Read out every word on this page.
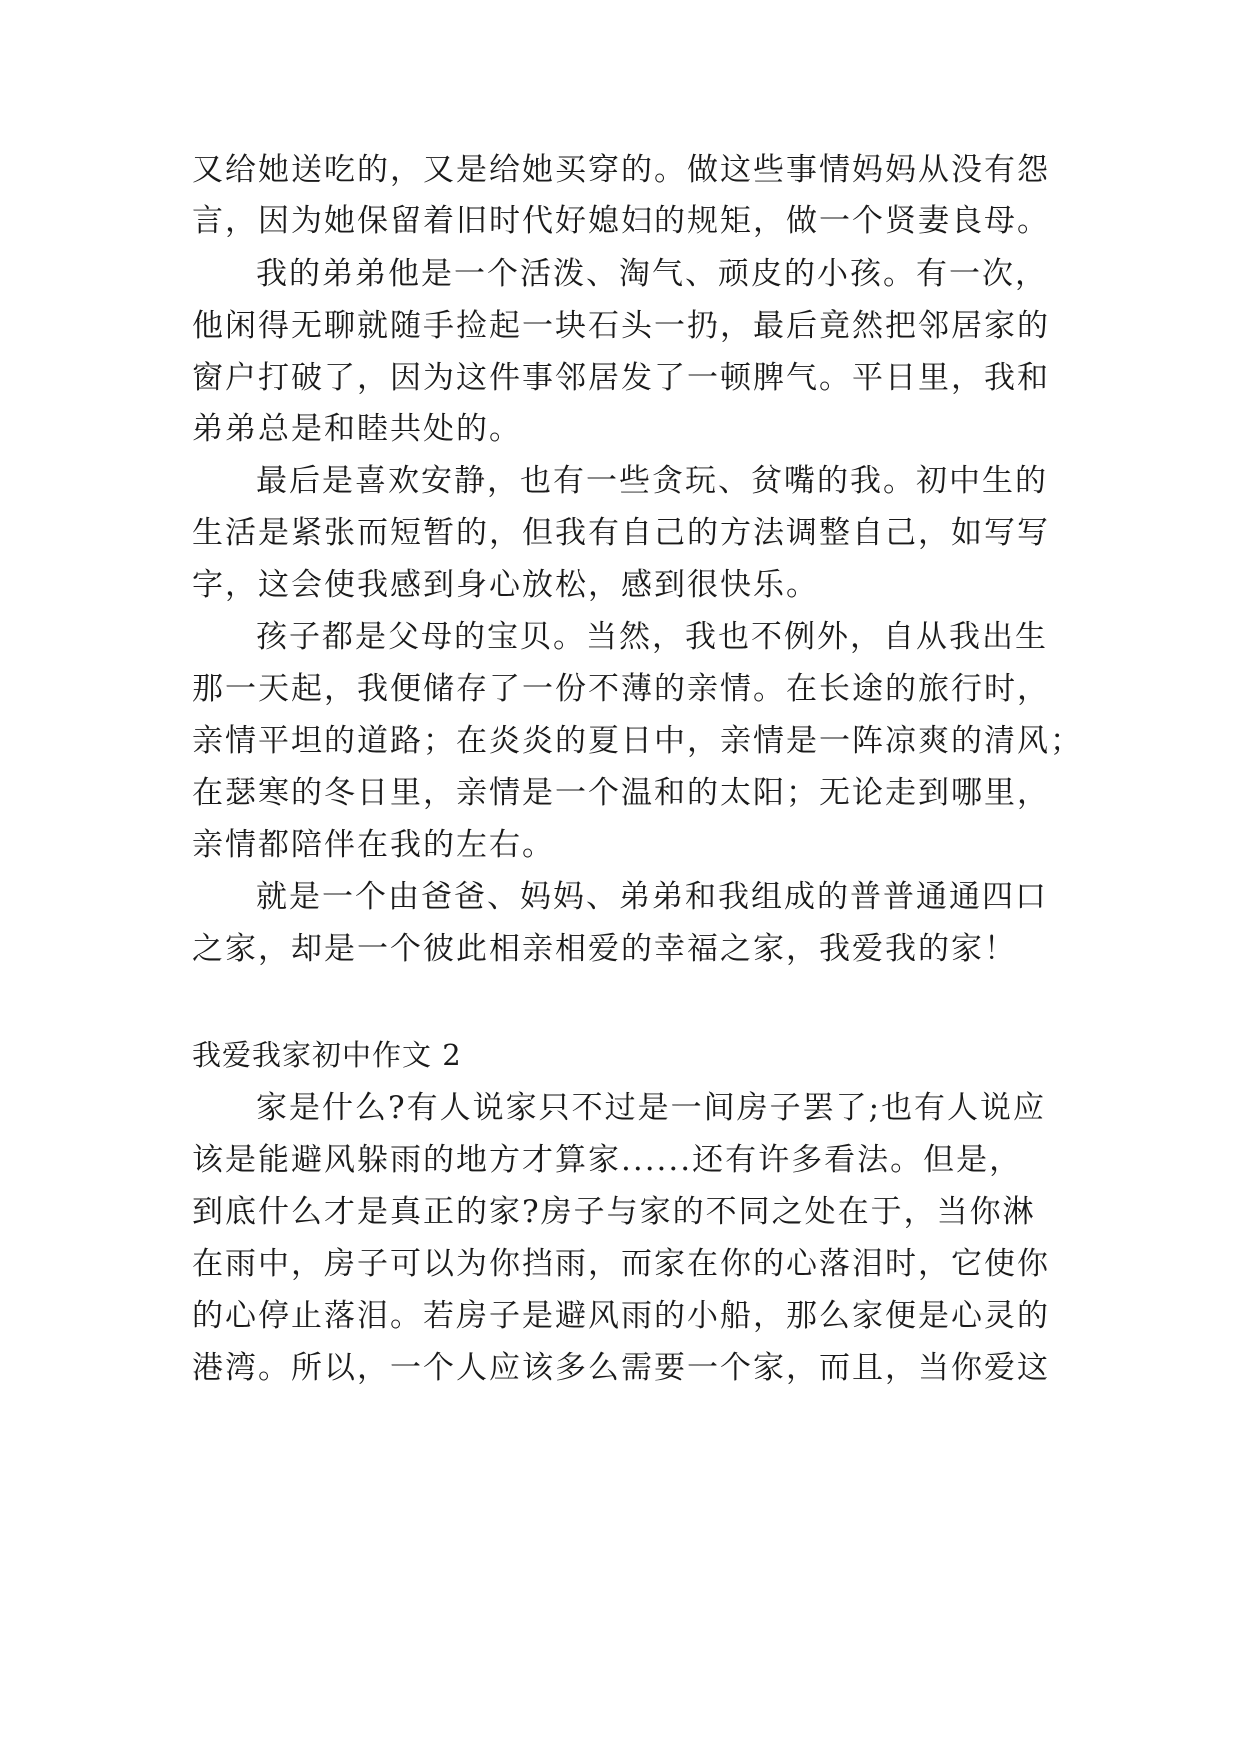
又给她送吃的，又是给她买穿的。做这些事情妈妈从没有怨
言，因为她保留着旧时代好媳妇的规矩，做一个贤妻良母。
我的弟弟他是一个活泼、淘气、顽皮的小孩。有一次，
他闲得无聊就随手捡起一块石头一扔，最后竟然把邻居家的
窗户打破了，因为这件事邻居发了一顿脾气。平日里，我和
弟弟总是和睦共处的。
最后是喜欢安静，也有一些贪玩、贫嘴的我。初中生的
生活是紧张而短暂的，但我有自己的方法调整自己，如写写
字，这会使我感到身心放松，感到很快乐。
孩子都是父母的宝贝。当然，我也不例外，自从我出生
那一天起，我便储存了一份不薄的亲情。在长途的旅行时，
亲情平坦的道路；在炎炎的夏日中，亲情是一阵凉爽的清风；
在瑟寒的冬日里，亲情是一个温和的太阳；无论走到哪里，
亲情都陪伴在我的左右。
就是一个由爸爸、妈妈、弟弟和我组成的普普通通四口
之家，却是一个彼此相亲相爱的幸福之家，我爱我的家！
我爱我家初中作文 2
家是什么?有人说家只不过是一间房子罢了;也有人说应
该是能避风躲雨的地方才算家......还有许多看法。但是，
到底什么才是真正的家?房子与家的不同之处在于，当你淋
在雨中，房子可以为你挡雨，而家在你的心落泪时，它使你
的心停止落泪。若房子是避风雨的小船，那么家便是心灵的
港湾。所以，一个人应该多么需要一个家，而且，当你爱这
